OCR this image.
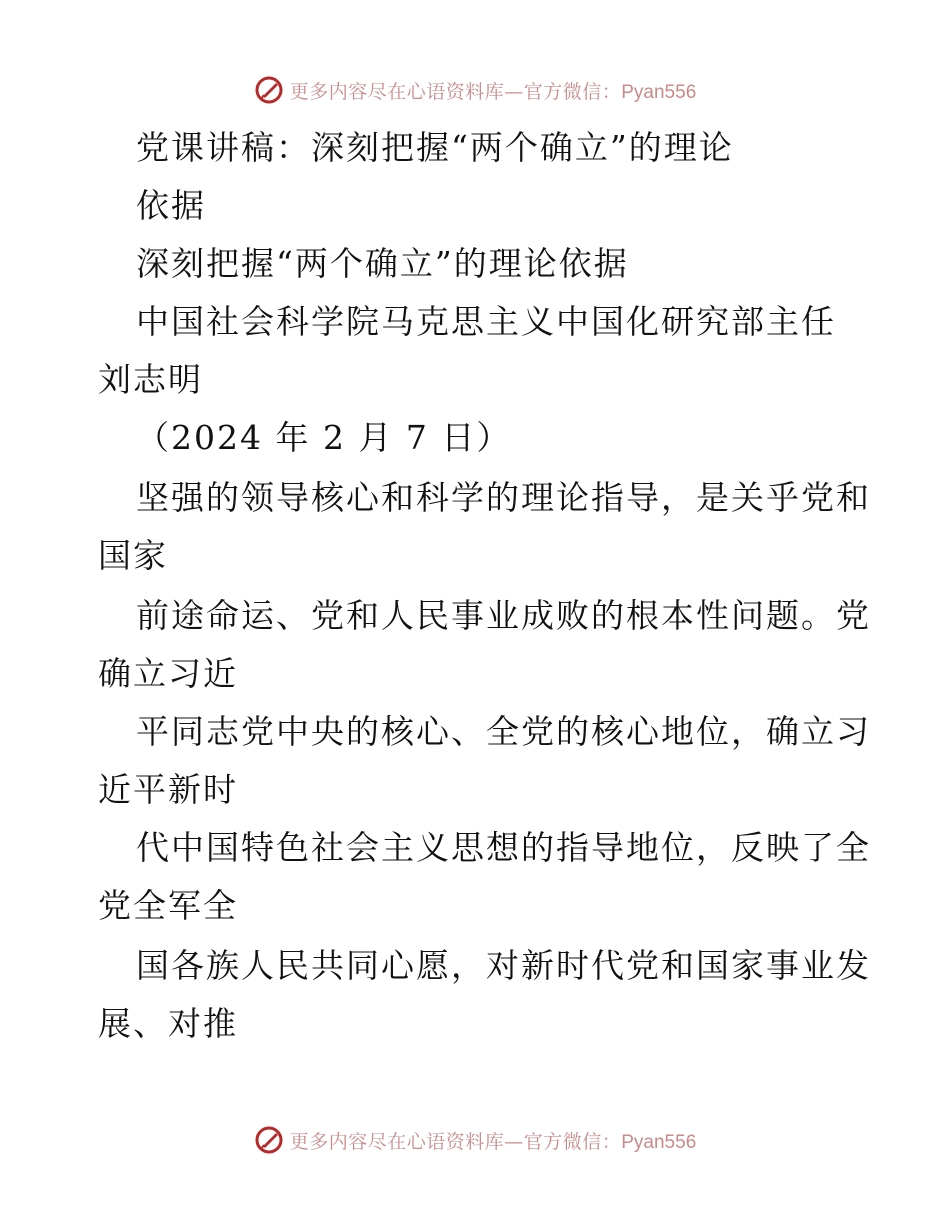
更多内容尽在心语资料库—官方微信：Pyan556
党课讲稿：深刻把握“两个确立”的理论
依据
深刻把握“两个确立”的理论依据
中国社会科学院马克思主义中国化研究部主任
刘志明
（2024 年 2 月 7 日）
坚强的领导核心和科学的理论指导，是关乎党和
国家
前途命运、党和人民事业成败的根本性问题。党
确立习近
平同志党中央的核心、全党的核心地位，确立习
近平新时
代中国特色社会主义思想的指导地位，反映了全
党全军全
国各族人民共同心愿，对新时代党和国家事业发
展、对推
更多内容尽在心语资料库—官方微信：Pyan556
